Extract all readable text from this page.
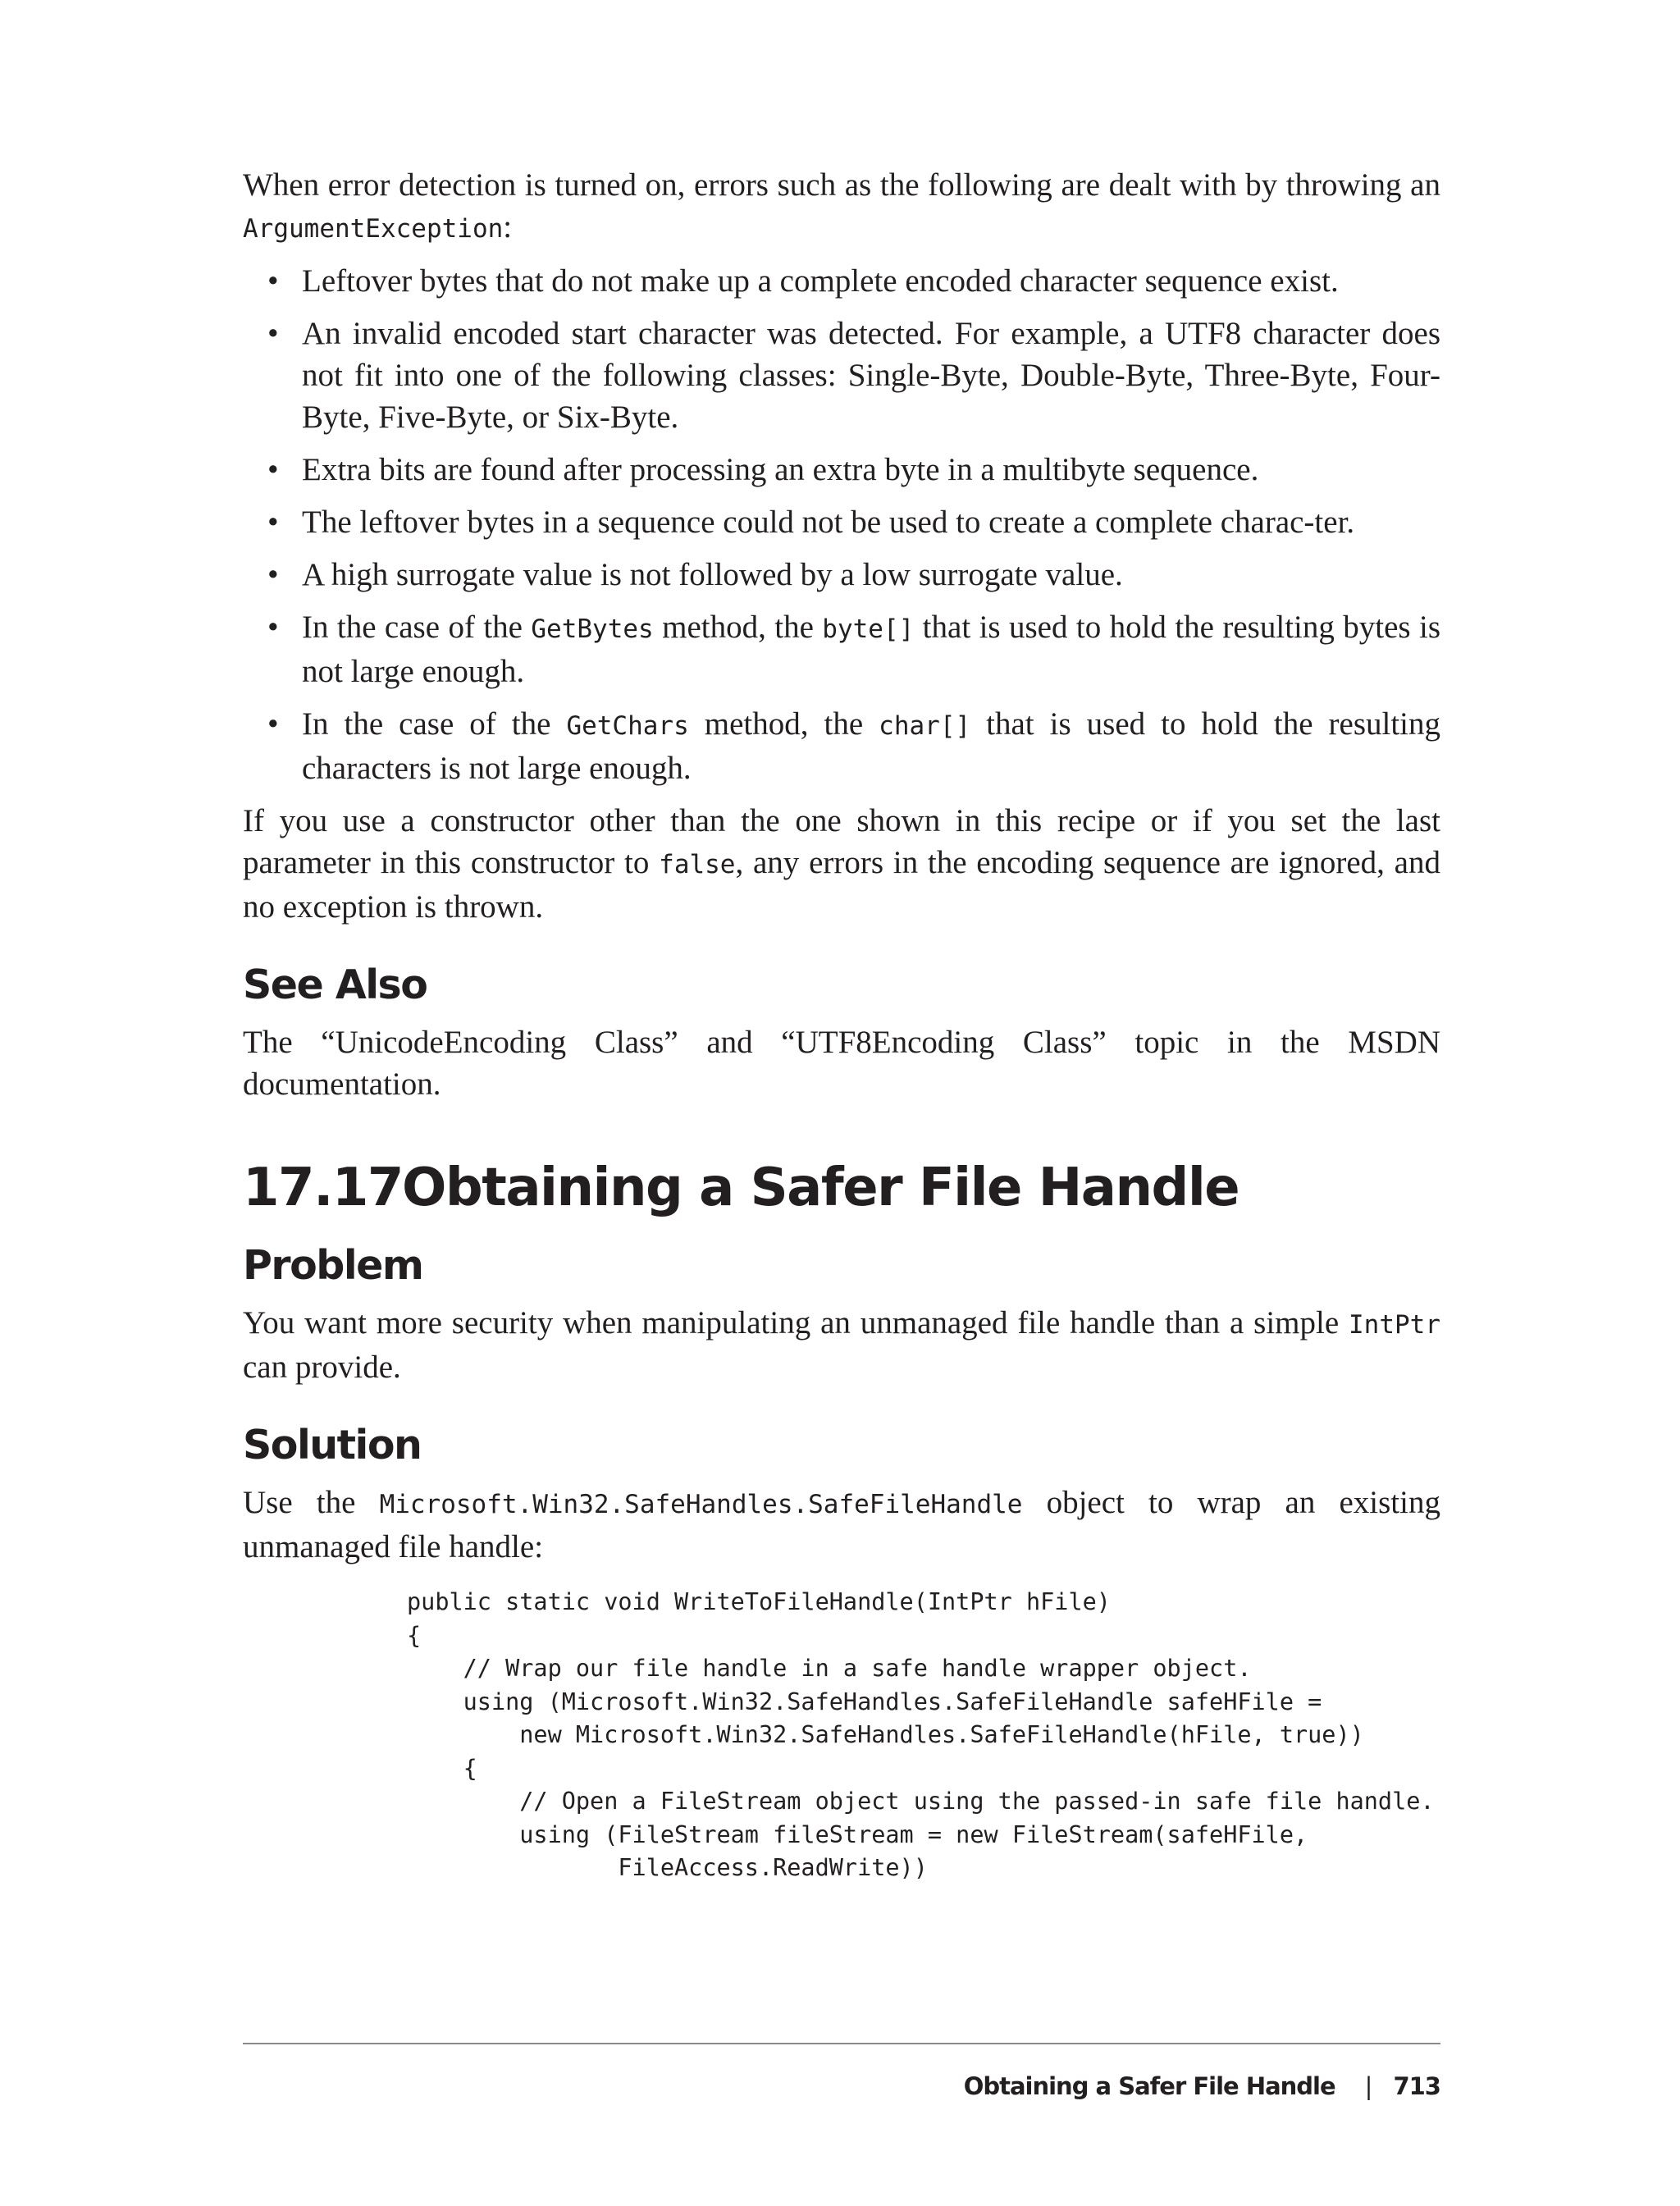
When error detection is turned on, errors such as the following are dealt with by throwing an ArgumentException:

• Leftover bytes that do not make up a complete encoded character sequence exist.
• An invalid encoded start character was detected. For example, a UTF8 character does not fit into one of the following classes: Single-Byte, Double-Byte, Three-Byte, Four-Byte, Five-Byte, or Six-Byte.
• Extra bits are found after processing an extra byte in a multibyte sequence.
• The leftover bytes in a sequence could not be used to create a complete charac-ter.
• A high surrogate value is not followed by a low surrogate value.
• In the case of the GetBytes method, the byte[] that is used to hold the resulting bytes is not large enough.
• In the case of the GetChars method, the char[] that is used to hold the resulting characters is not large enough.

If you use a constructor other than the one shown in this recipe or if you set the last parameter in this constructor to false, any errors in the encoding sequence are ignored, and no exception is thrown.

See Also

The “UnicodeEncoding Class” and “UTF8Encoding Class” topic in the MSDN documentation.

17.17Obtaining a Safer File Handle
Problem

You want more security when manipulating an unmanaged file handle than a simple IntPtr can provide.

Solution

Use the Microsoft.Win32.SafeHandles.SafeFileHandle object to wrap an existing unmanaged file handle:

public static void WriteToFileHandle(IntPtr hFile)
{
// Wrap our file handle in a safe handle wrapper object.
using (Microsoft.Win32.SafeHandles.SafeFileHandle safeHFile =
new Microsoft.Win32.SafeHandles.SafeFileHandle(hFile, true))
{
// Open a FileStream object using the passed-in safe file handle.
using (FileStream fileStream = new FileStream(safeHFile,
FileAccess.ReadWrite))
Obtaining a Safer File Handle | 713
